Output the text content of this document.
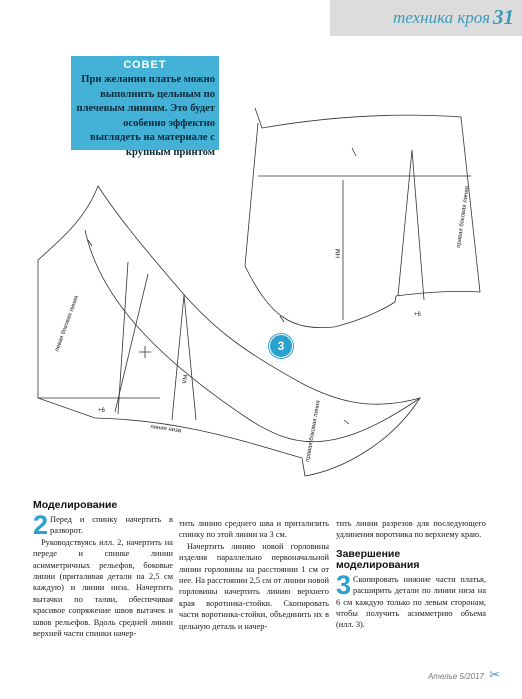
техника кроя 31
СОВЕТ
При желании платье можно выполнить цельным по плечевым линиям. Это будет особенно эффектно выглядеть на материале с крупным принтом
НМ
правая боковая линия
+6
левая боковая линия
VM
+6
линия низа	правая боковая линия
3
Моделирование

2 Перед и спинку начертить в разворот.

Руководствуясь илл. 2, начертить на переде и спинке линии асимметричных рельефов, боковые линии (приталивая детали на 2,5 см каждую) и линии низа. Начертить вытачки по талии, обеспечивая красивое сопряжение швов вытачек и швов рельефов. Вдоль средней линии верхней части спинки начер-

тить линию среднего шва и притализить спинку по этой линии на 3 см.

Начертить линию новой горловины изделия параллельно первоначальной линии горловины на расстоянии 1 см от нее. На расстоянии 2,5 см от линии новой горловины начертить линию верхнего края воротника-стойки. Скопировать части воротника-стойки, объединить их в цельную деталь и начер-

тить линии разрезов для последующего удлинения воротника по верхнему краю.

Завершение моделирования

3 Скопировать нижние части платья, расширить детали по линии низа на 6 см каждую только по левым сторонам, чтобы получить асимметрию объема (илл. 3).

Ателье 5/2017 ✂
